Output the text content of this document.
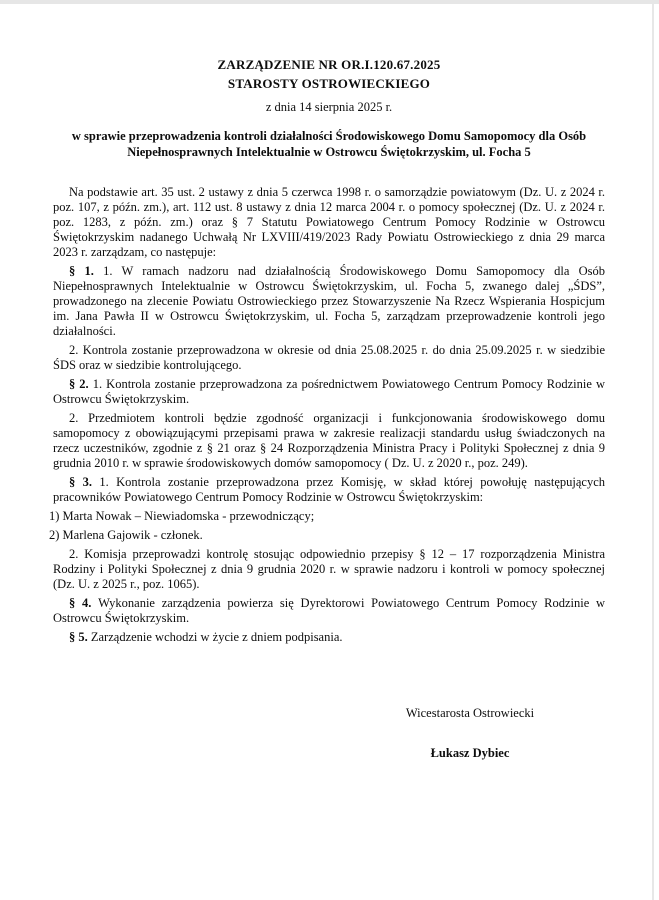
ZARZĄDZENIE NR OR.I.120.67.2025
STAROSTY OSTROWIECKIEGO
z dnia 14 sierpnia 2025 r.
w sprawie przeprowadzenia kontroli działalności Środowiskowego Domu Samopomocy dla Osób Niepełnosprawnych Intelektualnie w Ostrowcu Świętokrzyskim, ul. Focha 5

Na podstawie art. 35 ust. 2 ustawy z dnia 5 czerwca 1998 r. o samorządzie powiatowym (Dz. U. z 2024 r. poz. 107, z późn. zm.), art. 112 ust. 8 ustawy z dnia 12 marca 2004 r. o pomocy społecznej (Dz. U. z 2024 r. poz. 1283, z późn. zm.) oraz § 7 Statutu Powiatowego Centrum Pomocy Rodzinie w Ostrowcu Świętokrzyskim nadanego Uchwałą Nr LXVIII/419/2023 Rady Powiatu Ostrowieckiego z dnia 29 marca 2023 r. zarządzam, co następuje:

§ 1. 1. W ramach nadzoru nad działalnością Środowiskowego Domu Samopomocy dla Osób Niepełnosprawnych Intelektualnie w Ostrowcu Świętokrzyskim, ul. Focha 5, zwanego dalej „ŚDS”, prowadzonego na zlecenie Powiatu Ostrowieckiego przez Stowarzyszenie Na Rzecz Wspierania Hospicjum im. Jana Pawła II w Ostrowcu Świętokrzyskim, ul. Focha 5, zarządzam przeprowadzenie kontroli jego działalności.

2. Kontrola zostanie przeprowadzona w okresie od dnia 25.08.2025 r. do dnia 25.09.2025 r. w siedzibie ŚDS oraz w siedzibie kontrolującego.

§ 2. 1. Kontrola zostanie przeprowadzona za pośrednictwem Powiatowego Centrum Pomocy Rodzinie w Ostrowcu Świętokrzyskim.

2. Przedmiotem kontroli będzie zgodność organizacji i funkcjonowania środowiskowego domu samopomocy z obowiązującymi przepisami prawa w zakresie realizacji standardu usług świadczonych na rzecz uczestników, zgodnie z § 21 oraz § 24 Rozporządzenia Ministra Pracy i Polityki Społecznej z dnia 9 grudnia 2010 r. w sprawie środowiskowych domów samopomocy ( Dz. U. z 2020 r., poz. 249).

§ 3. 1. Kontrola zostanie przeprowadzona przez Komisję, w skład której powołuję następujących pracowników Powiatowego Centrum Pomocy Rodzinie w Ostrowcu Świętokrzyskim:

1) Marta Nowak – Niewiadomska - przewodniczący;

2) Marlena Gajowik - członek.

2. Komisja przeprowadzi kontrolę stosując odpowiednio przepisy § 12 – 17 rozporządzenia Ministra Rodziny i Polityki Społecznej z dnia 9 grudnia 2020 r. w sprawie nadzoru i kontroli w pomocy społecznej (Dz. U. z 2025 r., poz. 1065).

§ 4. Wykonanie zarządzenia powierza się Dyrektorowi Powiatowego Centrum Pomocy Rodzinie w Ostrowcu Świętokrzyskim.

§ 5. Zarządzenie wchodzi w życie z dniem podpisania.

Wicestarosta Ostrowiecki
Łukasz Dybiec
